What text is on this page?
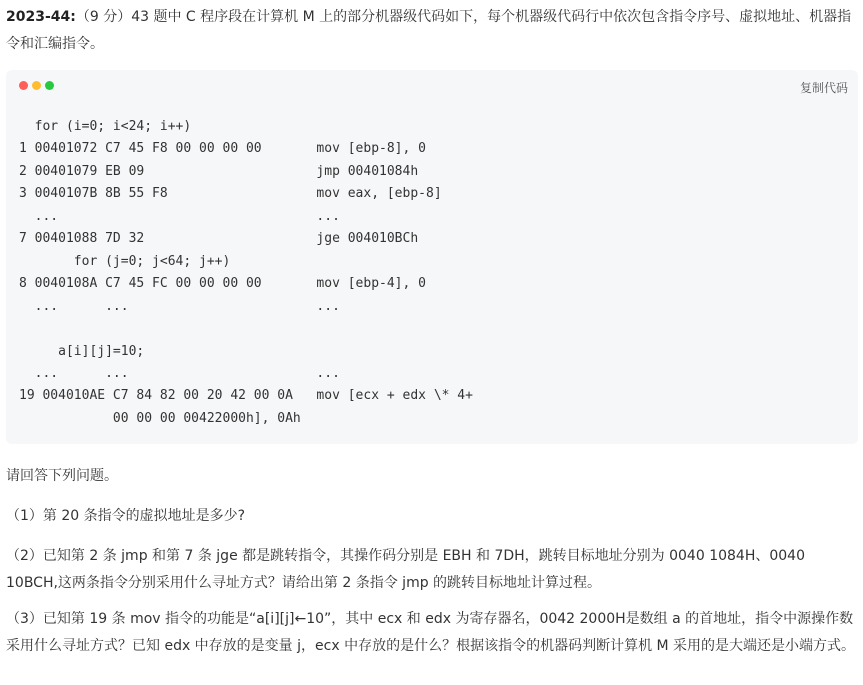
2023-44:（9 分）43 题中 C 程序段在计算机 M 上的部分机器级代码如下，每个机器级代码行中依次包含指令序号、虚拟地址、机器指令和汇编指令。

复制代码
for (i=0; i<24; i++)
1 00401072 C7 45 F8 00 00 00 00       mov [ebp-8], 0
2 00401079 EB 09                      jmp 00401084h
3 0040107B 8B 55 F8                   mov eax, [ebp-8]
...                                 ...
7 00401088 7D 32                      jge 004010BCh
for (j=0; j<64; j++)
8 0040108A C7 45 FC 00 00 00 00       mov [ebp-4], 0
...      ...                        ...

a[i][j]=10;
...      ...                        ...
19 004010AE C7 84 82 00 20 42 00 0A   mov [ecx + edx \* 4+
00 00 00 00422000h], 0Ah

请回答下列问题。

（1）第 20 条指令的虚拟地址是多少?

（2）已知第 2 条 jmp 和第 7 条 jge 都是跳转指令，其操作码分别是 EBH 和 7DH，跳转目标地址分别为 0040 1084H、0040 10BCH,这两条指令分别采用什么寻址方式？请给出第 2 条指令 jmp 的跳转目标地址计算过程。

（3）已知第 19 条 mov 指令的功能是“a[i][j]←10”，其中 ecx 和 edx 为寄存器名，0042 2000H是数组 a 的首地址，指令中源操作数采用什么寻址方式？已知 edx 中存放的是变量 j，ecx 中存放的是什么？根据该指令的机器码判断计算机 M 采用的是大端还是小端方式。
